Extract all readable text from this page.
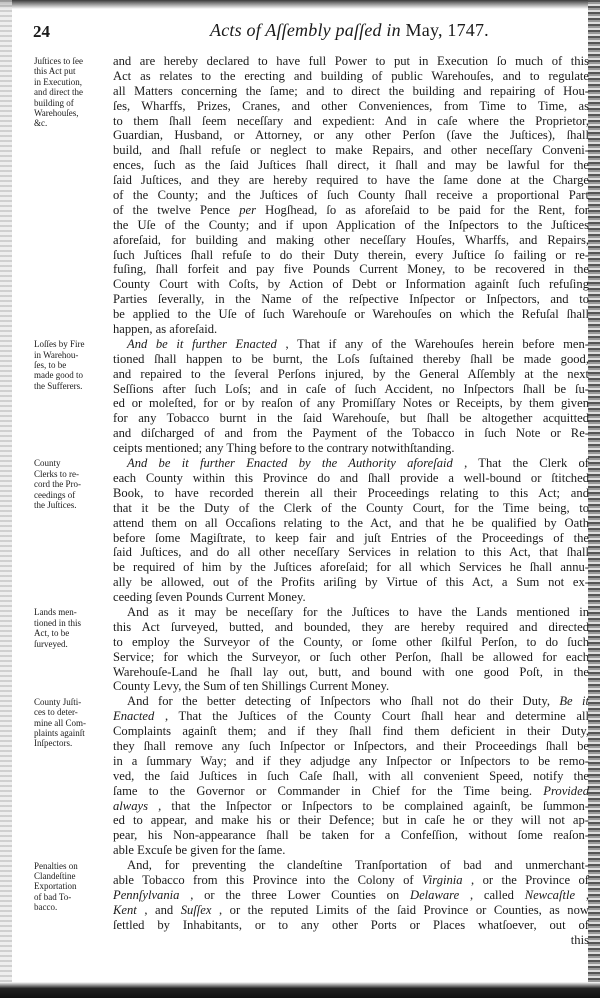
24	Acts of Aſſembly paſſed in May, 1747.
Juſtices to ſee
this Act put
in Execution,
and direct the
building of
Warehouſes,
&c.
Loſſes by Fire
in Warehou-
ſes, to be
made good to
the Sufferers.
County
Clerks to re-
cord the Pro-
ceedings of
the Juſtices.
Lands men-
tioned in this
Act, to be
ſurveyed.
County Juſti-
ces to deter-
mine all Com-
plaints againſt
Inſpectors.
Penalties on
Clandeſtine
Exportation
of bad To-
bacco.
and are hereby declared to have full Power to put in Execution ſo much of this
Act as relates to the erecting and building of public Warehouſes, and to regulate
all Matters concerning the ſame; and to direct the building and repairing of Hou-
ſes, Wharffs, Prizes, Cranes, and other Conveniences, from Time to Time, as
to them ſhall ſeem neceſſary and expedient: And in caſe where the Proprietor,
Guardian, Husband, or Attorney, or any other Perſon (ſave the Juſtices), ſhall
build, and ſhall refuſe or neglect to make Repairs, and other neceſſary Conveni-
ences, ſuch as the ſaid Juſtices ſhall direct, it ſhall and may be lawful for the
ſaid Juſtices, and they are hereby required to have the ſame done at the Charge
of the County; and the Juſtices of ſuch County ſhall receive a proportional Part
of the twelve Pence per Hogſhead, ſo as aforeſaid to be paid for the Rent, for
the Uſe of the County; and if upon Application of the Inſpectors to the Juſtices
aforeſaid, for building and making other neceſſary Houſes, Wharffs, and Repairs,
ſuch Juſtices ſhall refuſe to do their Duty therein, every Juſtice ſo failing or re-
fuſing, ſhall forfeit and pay five Pounds Current Money, to be recovered in the
County Court with Coſts, by Action of Debt or Information againſt ſuch refuſing
Parties ſeverally, in the Name of the reſpective Inſpector or Inſpectors, and to
be applied to the Uſe of ſuch Warehouſe or Warehouſes on which the Refuſal ſhall
happen, as aforeſaid.
And be it further Enacted , That if any of the Warehouſes herein before men-
tioned ſhall happen to be burnt, the Loſs ſuſtained thereby ſhall be made good,
and repaired to the ſeveral Perſons injured, by the General Aſſembly at the next
Seſſions after ſuch Loſs; and in caſe of ſuch Accident, no Inſpectors ſhall be ſu-
ed or moleſted, for or by reaſon of any Promiſſary Notes or Receipts, by them given
for any Tobacco burnt in the ſaid Warehouſe, but ſhall be altogether acquitted
and diſcharged of and from the Payment of the Tobacco in ſuch Note or Re-
ceipts mentioned; any Thing before to the contrary notwithſtanding.
And be it further Enacted by the Authority aforeſaid , That the Clerk of
each County within this Province do and ſhall provide a well-bound or ſtitched
Book, to have recorded therein all their Proceedings relating to this Act; and
that it be the Duty of the Clerk of the County Court, for the Time being, to
attend them on all Occaſions relating to the Act, and that he be qualified by Oath
before ſome Magiſtrate, to keep fair and juſt Entries of the Proceedings of the
ſaid Juſtices, and do all other neceſſary Services in relation to this Act, that ſhall
be required of him by the Juſtices aforeſaid; for all which Services he ſhall annu-
ally be allowed, out of the Profits ariſing by Virtue of this Act, a Sum not ex-
ceeding ſeven Pounds Current Money.
And as it may be neceſſary for the Juſtices to have the Lands mentioned in
this Act ſurveyed, butted, and bounded, they are hereby required and directed
to employ the Surveyor of the County, or ſome other ſkilful Perſon, to do ſuch
Service; for which the Surveyor, or ſuch other Perſon, ſhall be allowed for each
Warehouſe-Land he ſhall lay out, butt, and bound with one good Poſt, in the
County Levy, the Sum of ten Shillings Current Money.
And for the better detecting of Inſpectors who ſhall not do their Duty, Be it
Enacted , That the Juſtices of the County Court ſhall hear and determine all
Complaints againſt them; and if they ſhall find them deficient in their Duty,
they ſhall remove any ſuch Inſpector or Inſpectors, and their Proceedings ſhall be
in a ſummary Way; and if they adjudge any Inſpector or Inſpectors to be remo-
ved, the ſaid Juſtices in ſuch Caſe ſhall, with all convenient Speed, notify the
ſame to the Governor or Commander in Chief for the Time being. Provided
always , that the Inſpector or Inſpectors to be complained againſt, be ſummon-
ed to appear, and make his or their Defence; but in caſe he or they will not ap-
pear, his Non-appearance ſhall be taken for a Confeſſion, without ſome reaſon-
able Excuſe be given for the ſame.
And, for preventing the clandeſtine Tranſportation of bad and unmerchant-
able Tobacco from this Province into the Colony of Virginia , or the Province of
Pennſylvania , or the three Lower Counties on Delaware , called Newcaſtle ,
Kent , and Suſſex , or the reputed Limits of the ſaid Province or Counties, as now
ſettled by Inhabitants, or to any other Ports or Places whatſoever, out of
this
